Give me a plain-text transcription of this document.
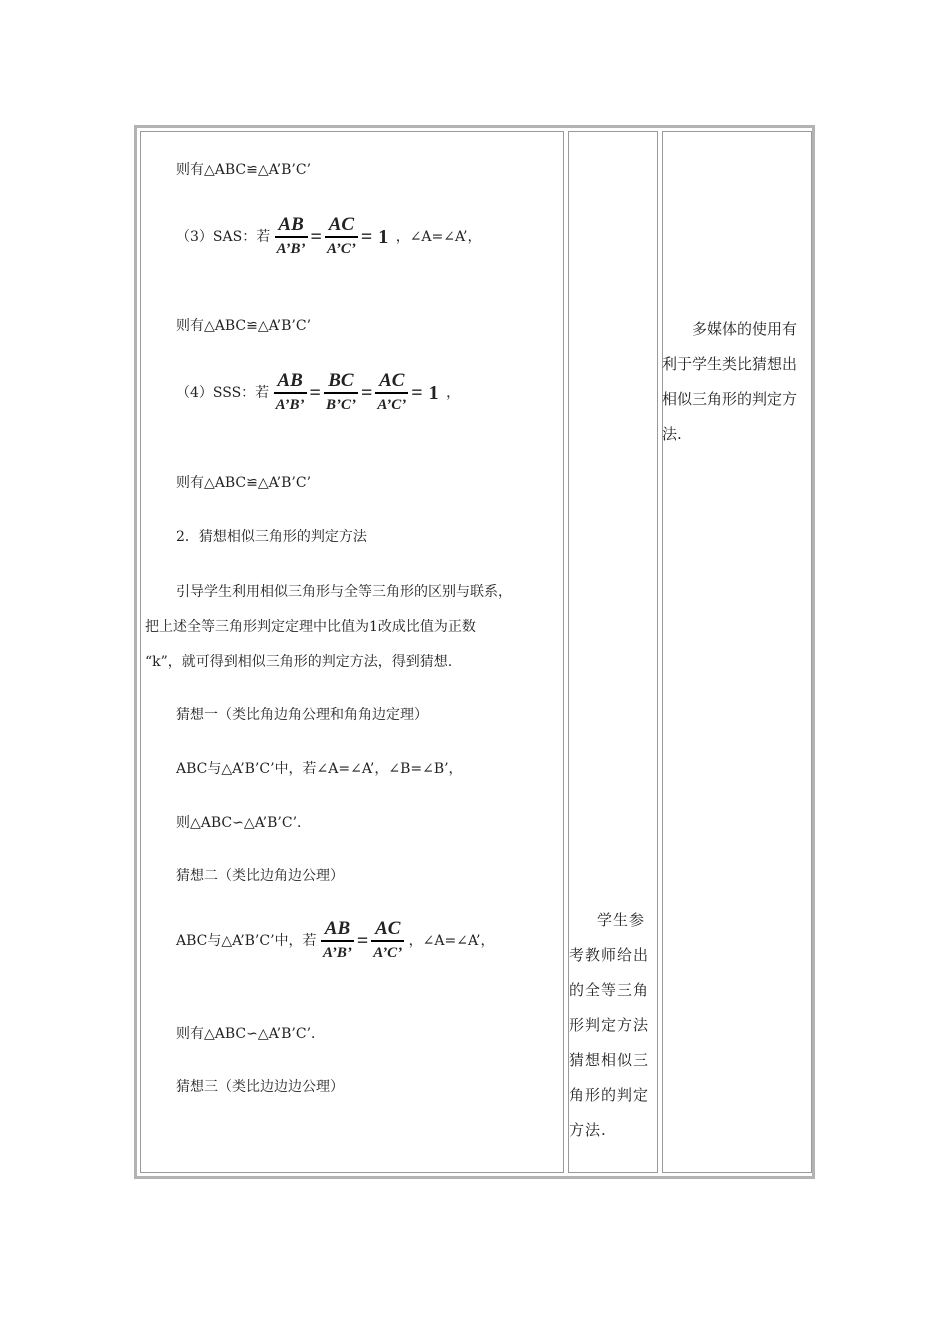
则有△ABC≌△A’B’C’
（3）SAS：若 $\frac{AB}{A’B’} = \frac{AC}{A’C’} = 1$ ，∠A=∠A’，
则有△ABC≌△A’B’C’
（4）SSS：若 $\frac{AB}{A’B’} = \frac{BC}{B’C’} = \frac{AC}{A’C’} = 1$ ，
则有△ABC≌△A’B’C’
2．猜想相似三角形的判定方法
引导学生利用相似三角形与全等三角形的区别与联系，
把上述全等三角形判定定理中比值为1改成比值为正数
“k”，就可得到相似三角形的判定方法，得到猜想.
猜想一（类比角边角公理和角角边定理）
ABC与△A’B’C’中，若∠A=∠A’，∠B=∠B’，
则△ABC∽△A’B’C’．
猜想二（类比边角边公理）
ABC与△A’B’C’中，若 $\frac{AB}{A’B’} = \frac{AC}{A’C’}$ ，∠A=∠A’，
则有△ABC∽△A’B’C’．
猜想三（类比边边边公理）
学生参
考教师给出
的全等三角
形判定方法
猜想相似三
角形的判定
方法.
多媒体的使用有
利于学生类比猜想出
相似三角形的判定方
法.
